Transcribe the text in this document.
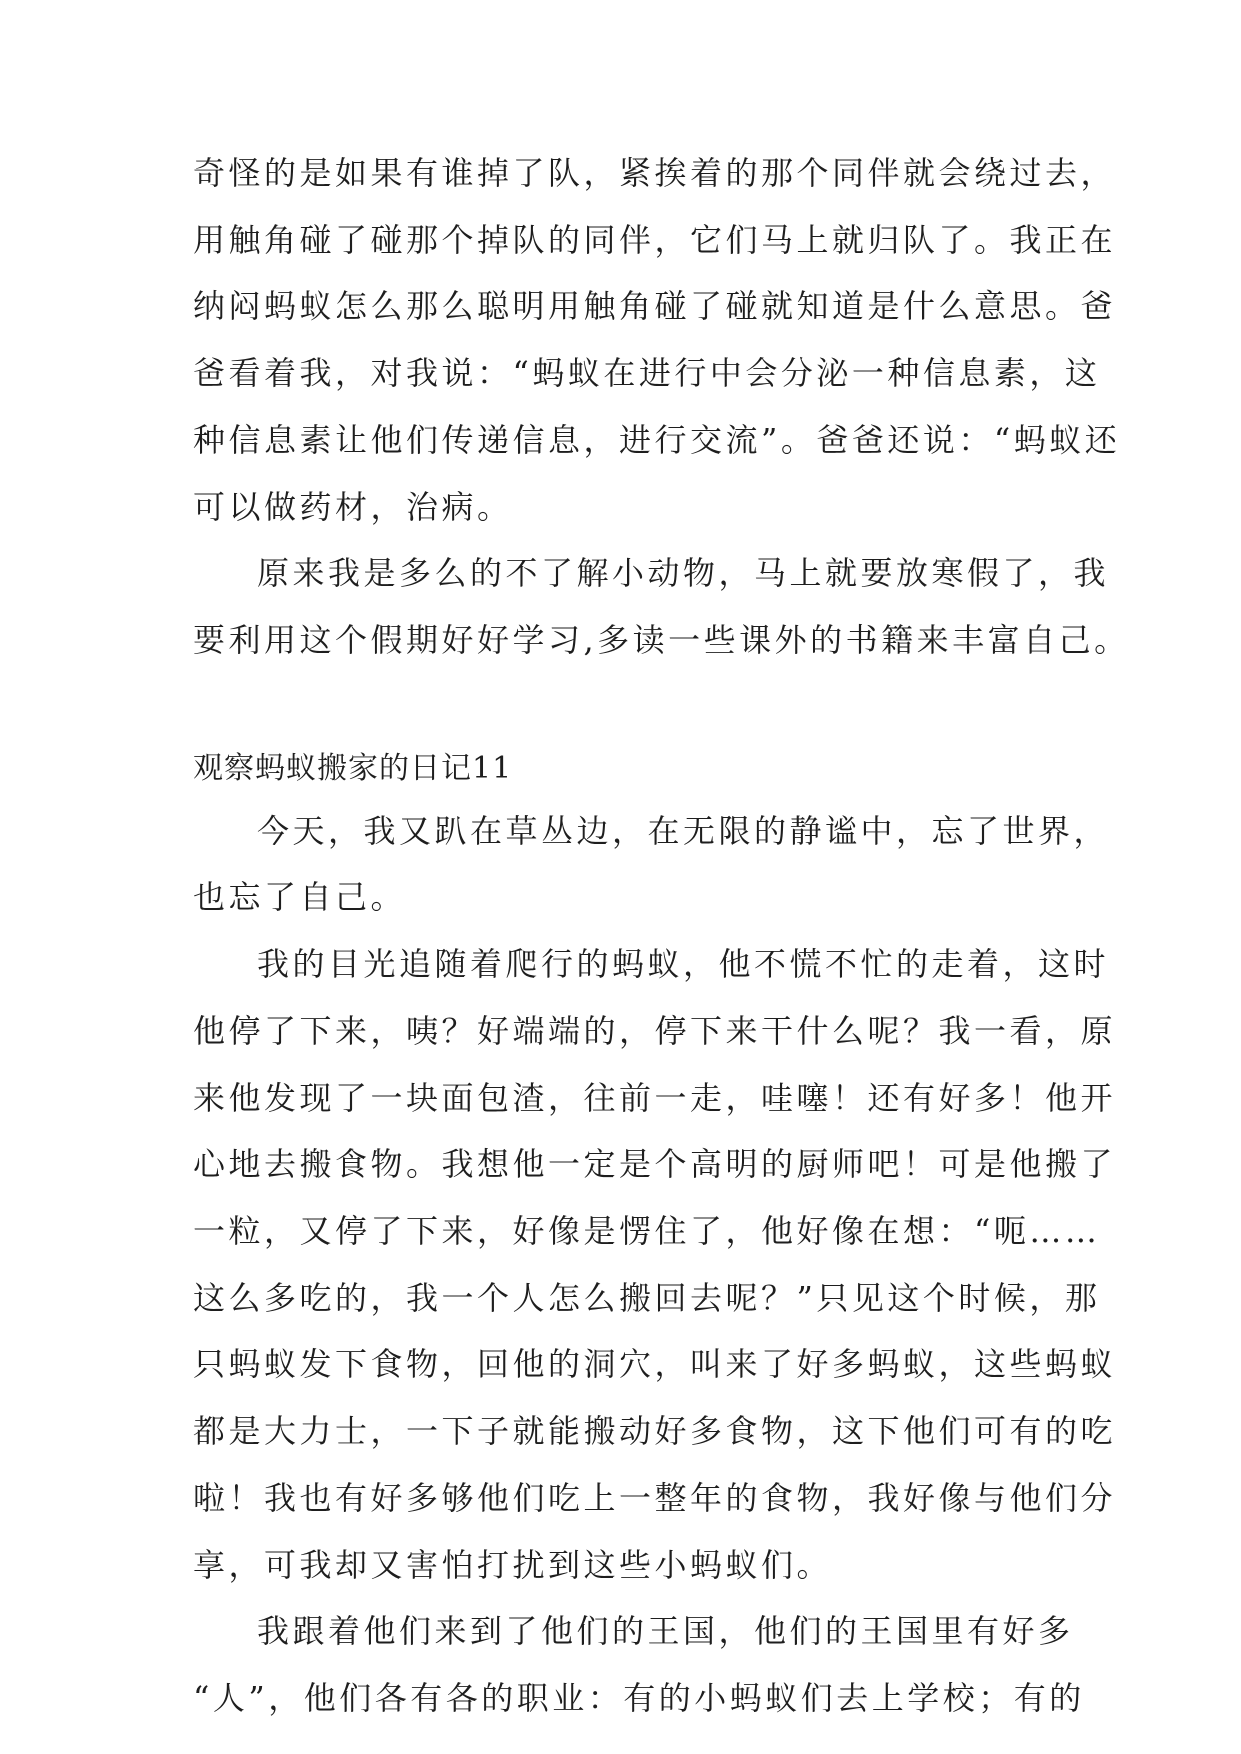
奇怪的是如果有谁掉了队，紧挨着的那个同伴就会绕过去，
用触角碰了碰那个掉队的同伴，它们马上就归队了。我正在
纳闷蚂蚁怎么那么聪明用触角碰了碰就知道是什么意思。爸
爸看着我，对我说：“蚂蚁在进行中会分泌一种信息素，这
种信息素让他们传递信息，进行交流”。爸爸还说：“蚂蚁还
可以做药材，治病。
原来我是多么的不了解小动物，马上就要放寒假了，我
要利用这个假期好好学习,多读一些课外的书籍来丰富自己。
观察蚂蚁搬家的日记11
今天，我又趴在草丛边，在无限的静谧中，忘了世界，
也忘了自己。
我的目光追随着爬行的蚂蚁，他不慌不忙的走着，这时
他停了下来，咦？好端端的，停下来干什么呢？我一看，原
来他发现了一块面包渣，往前一走，哇噻！还有好多！他开
心地去搬食物。我想他一定是个高明的厨师吧！可是他搬了
一粒，又停了下来，好像是愣住了，他好像在想：“呃……
这么多吃的，我一个人怎么搬回去呢？”只见这个时候，那
只蚂蚁发下食物，回他的洞穴，叫来了好多蚂蚁，这些蚂蚁
都是大力士，一下子就能搬动好多食物，这下他们可有的吃
啦！我也有好多够他们吃上一整年的食物，我好像与他们分
享，可我却又害怕打扰到这些小蚂蚁们。
我跟着他们来到了他们的王国，他们的王国里有好多
“人”，他们各有各的职业：有的小蚂蚁们去上学校；有的
